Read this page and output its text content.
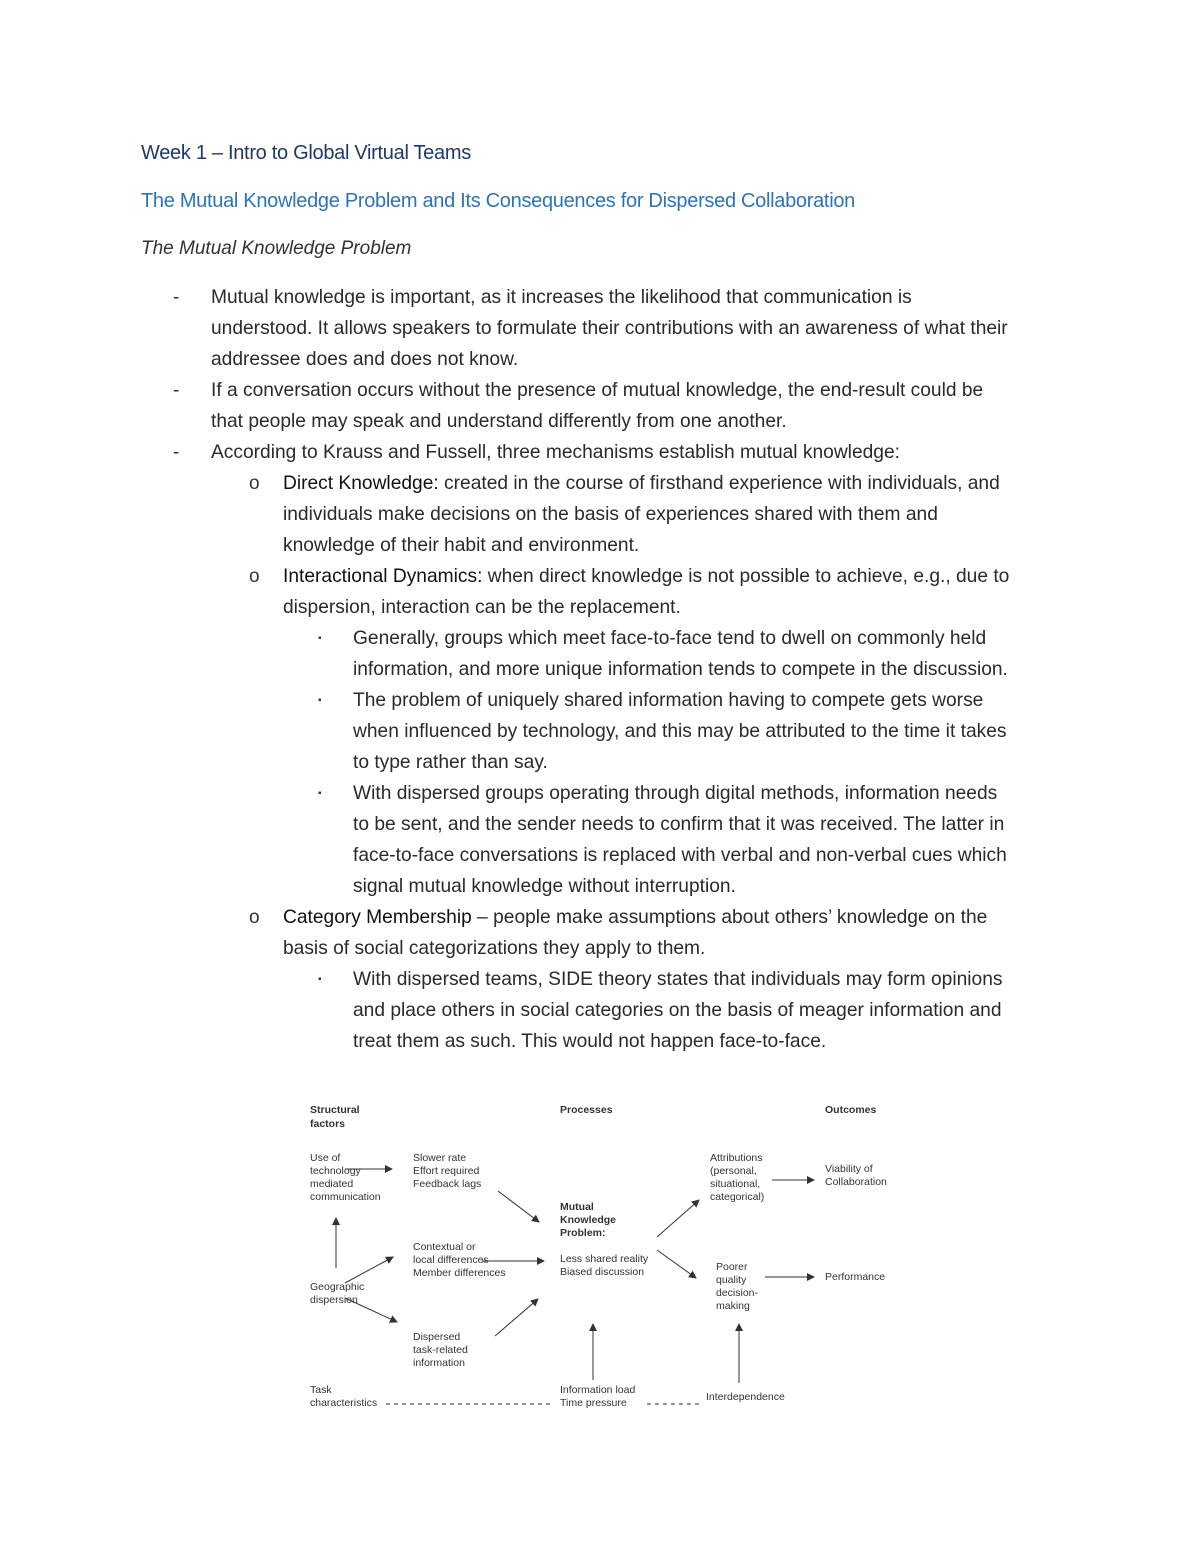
Week 1 – Intro to Global Virtual Teams
The Mutual Knowledge Problem and Its Consequences for Dispersed Collaboration
The Mutual Knowledge Problem
- Mutual knowledge is important, as it increases the likelihood that communication is
understood. It allows speakers to formulate their contributions with an awareness of what their
addressee does and does not know.
- If a conversation occurs without the presence of mutual knowledge, the end-result could be
that people may speak and understand differently from one another.
- According to Krauss and Fussell, three mechanisms establish mutual knowledge:
o Direct Knowledge: created in the course of firsthand experience with individuals, and
individuals make decisions on the basis of experiences shared with them and
knowledge of their habit and environment.
o Interactional Dynamics: when direct knowledge is not possible to achieve, e.g., due to
dispersion, interaction can be the replacement.
▪ Generally, groups which meet face-to-face tend to dwell on commonly held
information, and more unique information tends to compete in the discussion.
▪ The problem of uniquely shared information having to compete gets worse
when influenced by technology, and this may be attributed to the time it takes
to type rather than say.
▪ With dispersed groups operating through digital methods, information needs
to be sent, and the sender needs to confirm that it was received. The latter in
face-to-face conversations is replaced with verbal and non-verbal cues which
signal mutual knowledge without interruption.
o Category Membership – people make assumptions about others’ knowledge on the
basis of social categorizations they apply to them.
▪ With dispersed teams, SIDE theory states that individuals may form opinions
and place others in social categories on the basis of meager information and
treat them as such. This would not happen face-to-face.
Structural factors
Processes	Outcomes
Use of technology mediated communication
Slower rate Effort required Feedback lags
Contextual or local differences Member differences
Geographic dispersion
Dispersed task-related information
Mutual Knowledge Problem:
Less shared reality Biased discussion
Attributions (personal, situational, categorical)
Poorer quality decision- making
Viability of Collaboration
Performance
Task characteristics
Information load Time pressure	Interdependence
